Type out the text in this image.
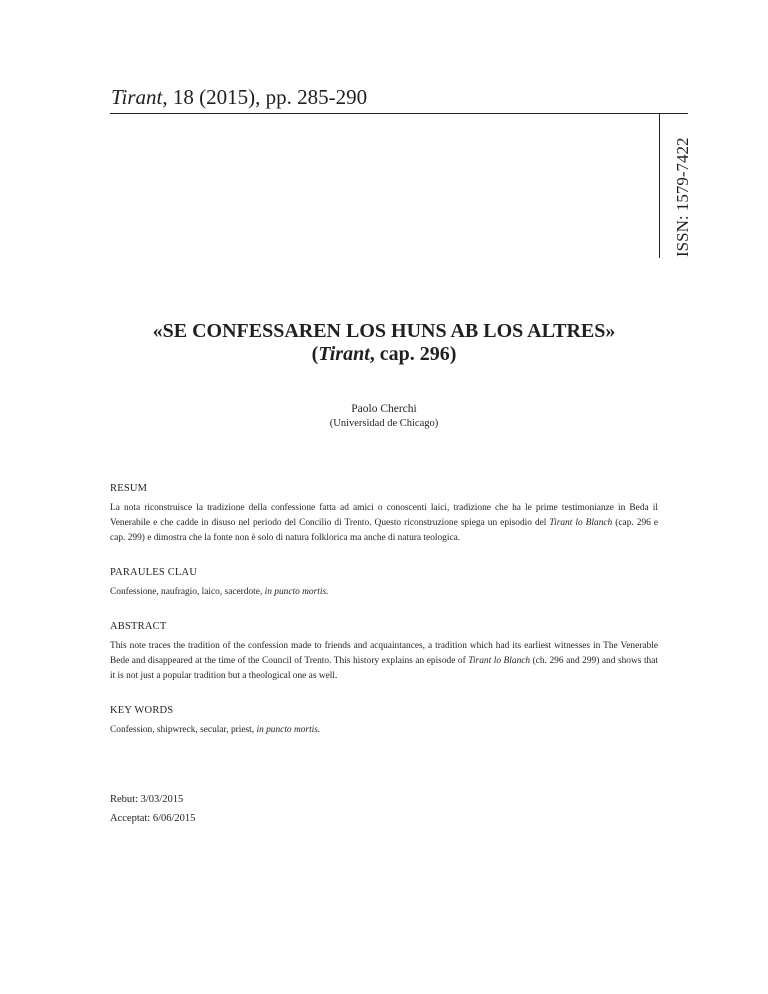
Tirant, 18 (2015), pp. 285-290
ISSN: 1579-7422
«SE CONFESSAREN LOS HUNS AB LOS ALTRES»
(Tirant, cap. 296)
Paolo Cherchi
(Universidad de Chicago)
RESUM
La nota riconstruisce la tradizione della confessione fatta ad amici o conoscenti laici, tradizione che ha le prime testimonianze in Beda il Venerabile e che cadde in disuso nel periodo del Concilio di Trento. Questo riconstruzione spiega un episodio del Tirant lo Blanch (cap. 296 e cap. 299) e dimostra che la fonte non è solo di natura folklorica ma anche di natura teologica.
PARAULES CLAU
Confessione, naufragio, laico, sacerdote, in puncto mortis.
ABSTRACT
This note traces the tradition of the confession made to friends and acquaintances, a tradition which had its earliest witnesses in The Venerable Bede and disappeared at the time of the Council of Trento. This history explains an episode of Tirant lo Blanch (ch. 296 and 299) and shows that it is not just a popular tradition but a theological one as well.
KEY WORDS
Confession, shipwreck, secular, priest, in puncto mortis.
Rebut: 3/03/2015
Acceptat: 6/06/2015
